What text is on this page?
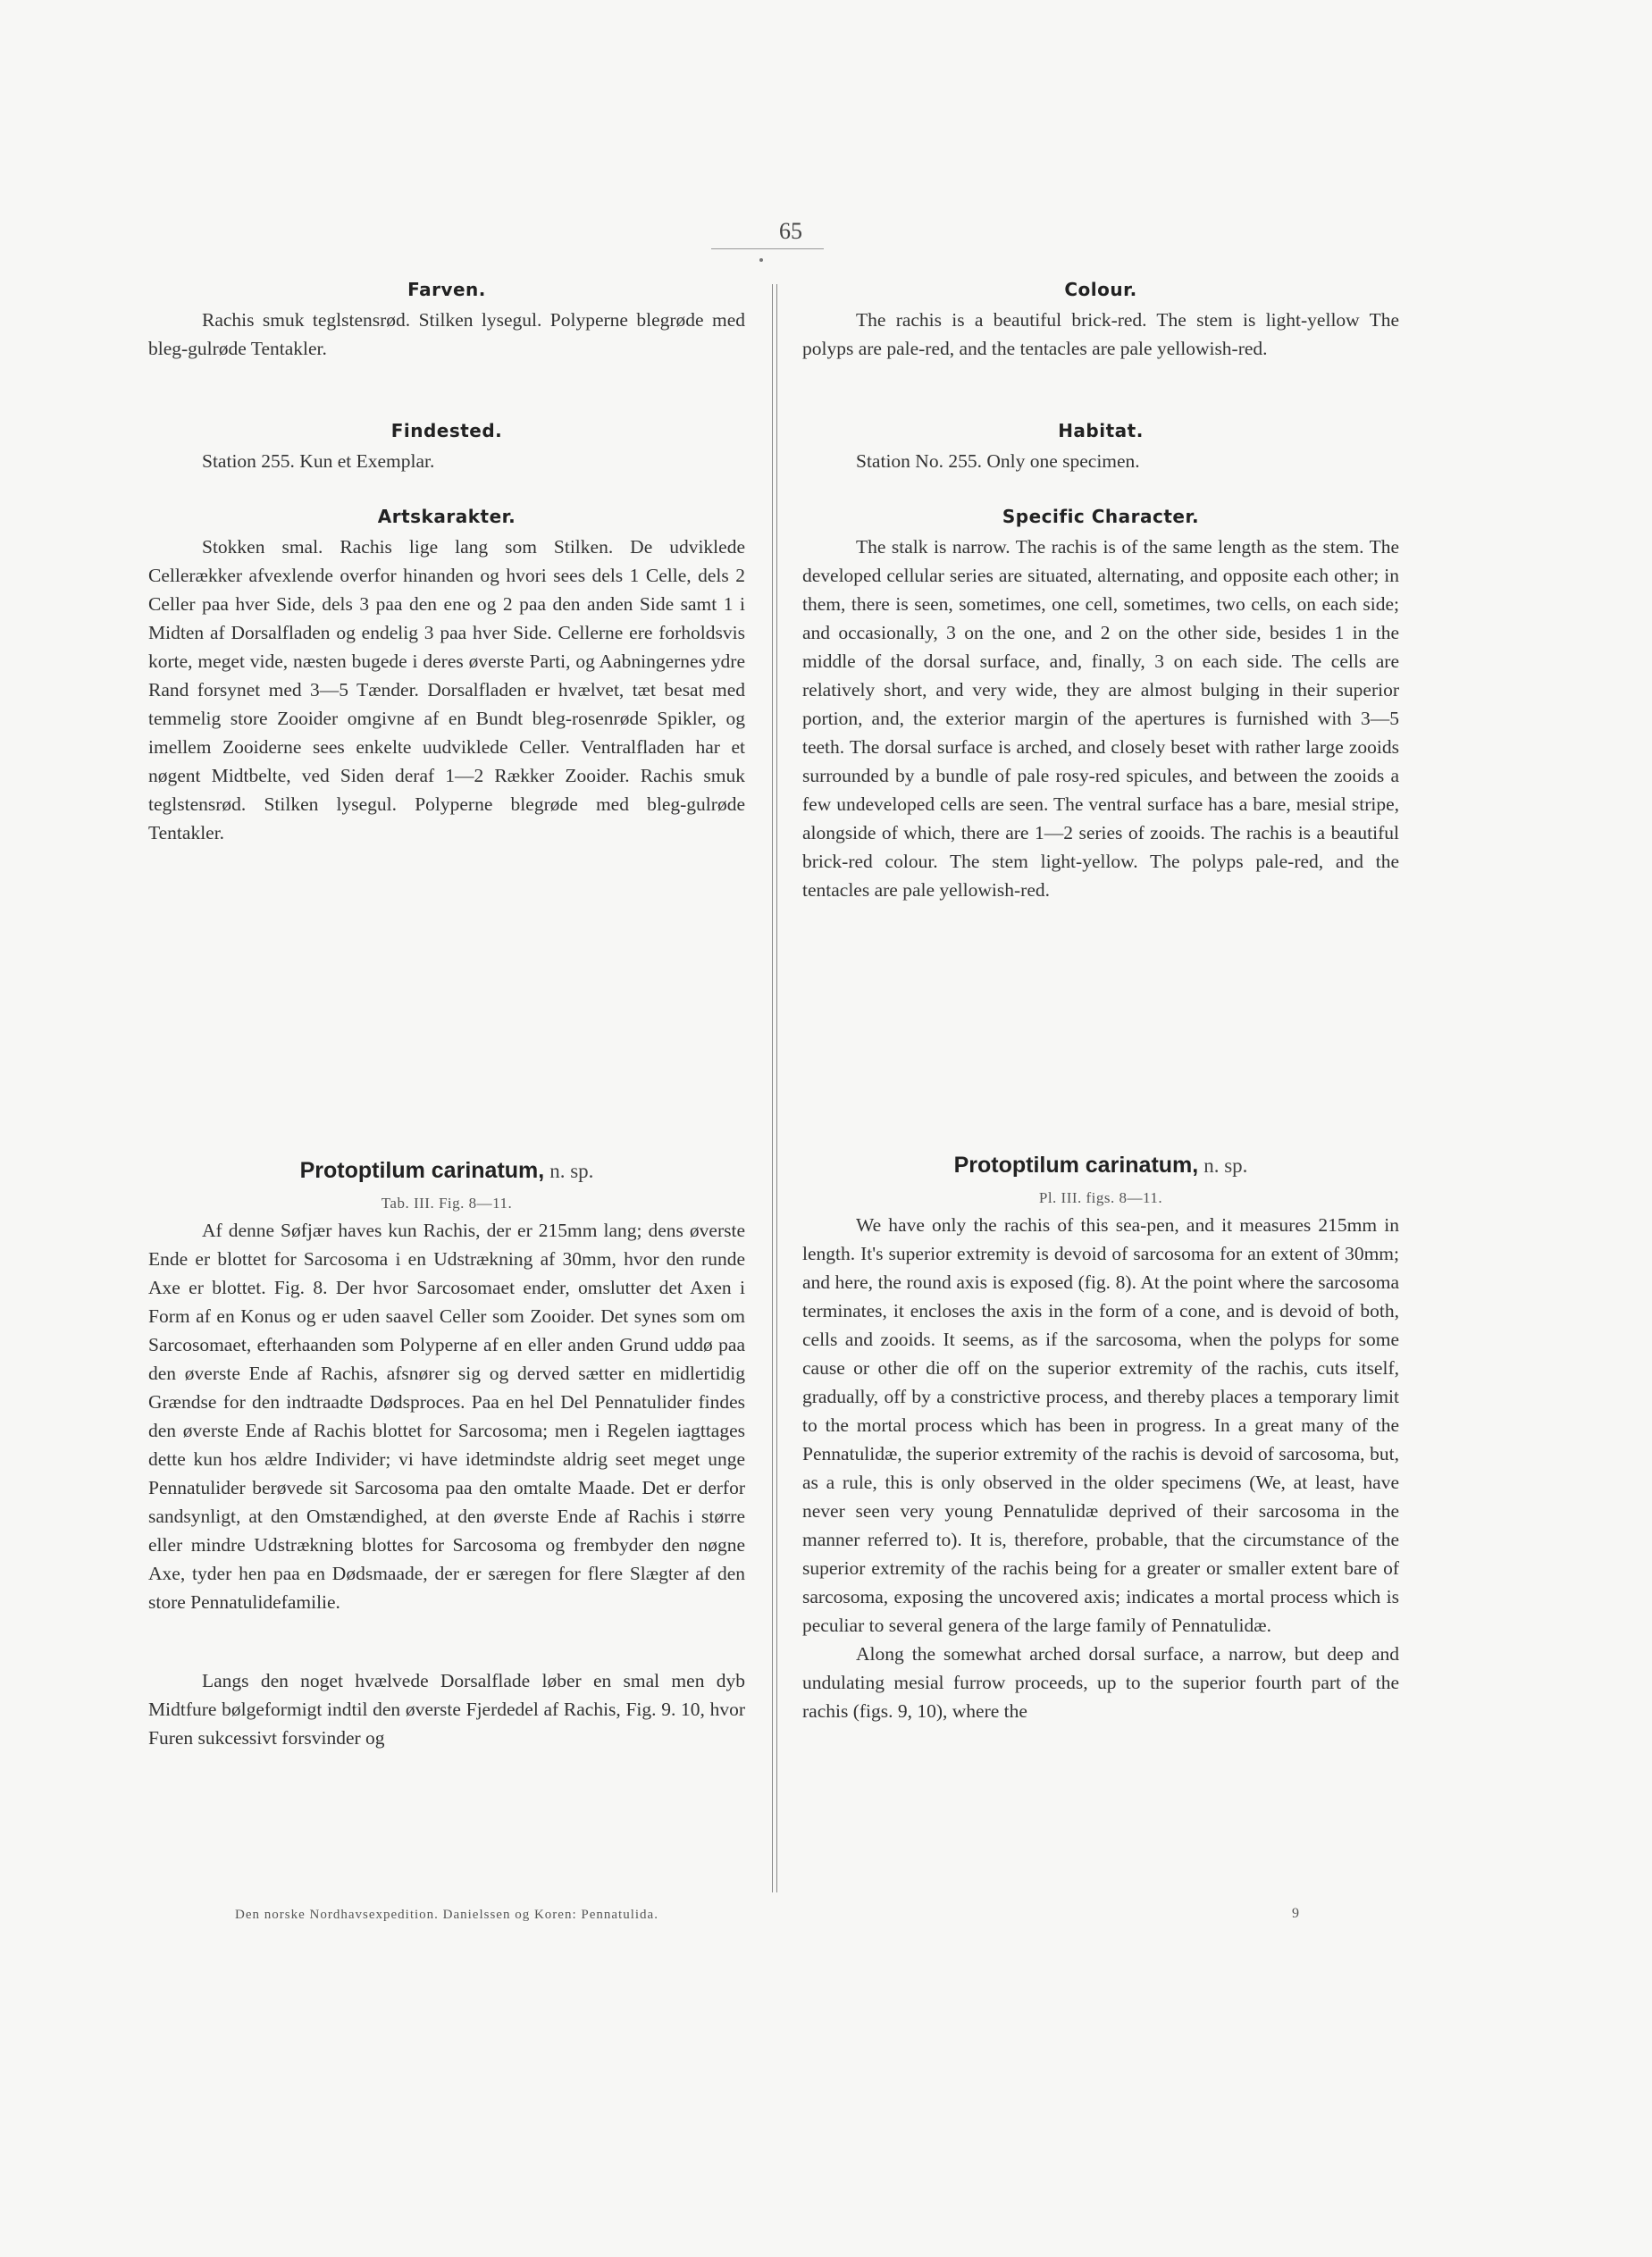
65

Farven.

Rachis smuk teglstensrød. Stilken lysegul. Polyperne blegrøde med bleg-gulrøde Tentakler.

Findested.

Station 255. Kun et Exemplar.

Artskarakter.

Stokken smal. Rachis lige lang som Stilken. De udviklede Cellerækker afvexlende overfor hinanden og hvori sees dels 1 Celle, dels 2 Celler paa hver Side, dels 3 paa den ene og 2 paa den anden Side samt 1 i Midten af Dorsalfladen og endelig 3 paa hver Side. Cellerne ere forholdsvis korte, meget vide, næsten bugede i deres øverste Parti, og Aabningernes ydre Rand forsynet med 3—5 Tænder. Dorsalfladen er hvælvet, tæt besat med temmelig store Zooider omgivne af en Bundt bleg-rosenrøde Spikler, og imellem Zooiderne sees enkelte uudviklede Celler. Ventralfladen har et nøgent Midtbelte, ved Siden deraf 1—2 Rækker Zooider. Rachis smuk teglstensrød. Stilken lysegul. Polyperne blegrøde med bleg-gulrøde Tentakler.

Protoptilum carinatum, n. sp.

Tab. III. Fig. 8—11.

Af denne Søfjær haves kun Rachis, der er 215mm lang; dens øverste Ende er blottet for Sarcosoma i en Udstrækning af 30mm, hvor den runde Axe er blottet. Fig. 8. Der hvor Sarcosomaet ender, omslutter det Axen i Form af en Konus og er uden saavel Celler som Zooider. Det synes som om Sarcosomaet, efterhaanden som Polyperne af en eller anden Grund uddø paa den øverste Ende af Rachis, afsnører sig og derved sætter en midlertidig Grændse for den indtraadte Dødsproces. Paa en hel Del Pennatulider findes den øverste Ende af Rachis blottet for Sarcosoma; men i Regelen iagttages dette kun hos ældre Individer; vi have idetmindste aldrig seet meget unge Pennatulider berøvede sit Sarcosoma paa den omtalte Maade. Det er derfor sandsynligt, at den Omstændighed, at den øverste Ende af Rachis i større eller mindre Udstrækning blottes for Sarcosoma og frembyder den nøgne Axe, tyder hen paa en Dødsmaade, der er særegen for flere Slægter af den store Pennatulidefamilie.

Langs den noget hvælvede Dorsalflade løber en smal men dyb Midtfure bølgeformigt indtil den øverste Fjerdedel af Rachis, Fig. 9. 10, hvor Furen sukcessivt forsvinder og

Colour.

The rachis is a beautiful brick-red. The stem is light-yellow The polyps are pale-red, and the tentacles are pale yellowish-red.

Habitat.

Station No. 255. Only one specimen.

Specific Character.

The stalk is narrow. The rachis is of the same length as the stem. The developed cellular series are situated, alternating, and opposite each other; in them, there is seen, sometimes, one cell, sometimes, two cells, on each side; and occasionally, 3 on the one, and 2 on the other side, besides 1 in the middle of the dorsal surface, and, finally, 3 on each side. The cells are relatively short, and very wide, they are almost bulging in their superior portion, and, the exterior margin of the apertures is furnished with 3—5 teeth. The dorsal surface is arched, and closely beset with rather large zooids surrounded by a bundle of pale rosy-red spicules, and between the zooids a few undeveloped cells are seen. The ventral surface has a bare, mesial stripe, alongside of which, there are 1—2 series of zooids. The rachis is a beautiful brick-red colour. The stem light-yellow. The polyps pale-red, and the tentacles are pale yellowish-red.

Protoptilum carinatum, n. sp.

Pl. III. figs. 8—11.

We have only the rachis of this sea-pen, and it measures 215mm in length. It's superior extremity is devoid of sarcosoma for an extent of 30mm; and here, the round axis is exposed (fig. 8). At the point where the sarcosoma terminates, it encloses the axis in the form of a cone, and is devoid of both, cells and zooids. It seems, as if the sarcosoma, when the polyps for some cause or other die off on the superior extremity of the rachis, cuts itself, gradually, off by a constrictive process, and thereby places a temporary limit to the mortal process which has been in progress. In a great many of the Pennatulidæ, the superior extremity of the rachis is devoid of sarcosoma, but, as a rule, this is only observed in the older specimens (We, at least, have never seen very young Pennatulidæ deprived of their sarcosoma in the manner referred to). It is, therefore, probable, that the circumstance of the superior extremity of the rachis being for a greater or smaller extent bare of sarcosoma, exposing the uncovered axis; indicates a mortal process which is peculiar to several genera of the large family of Pennatulidæ.

Along the somewhat arched dorsal surface, a narrow, but deep and undulating mesial furrow proceeds, up to the superior fourth part of the rachis (figs. 9, 10), where the

Den norske Nordhavsexpedition. Danielssen og Koren: Pennatulida.	9
